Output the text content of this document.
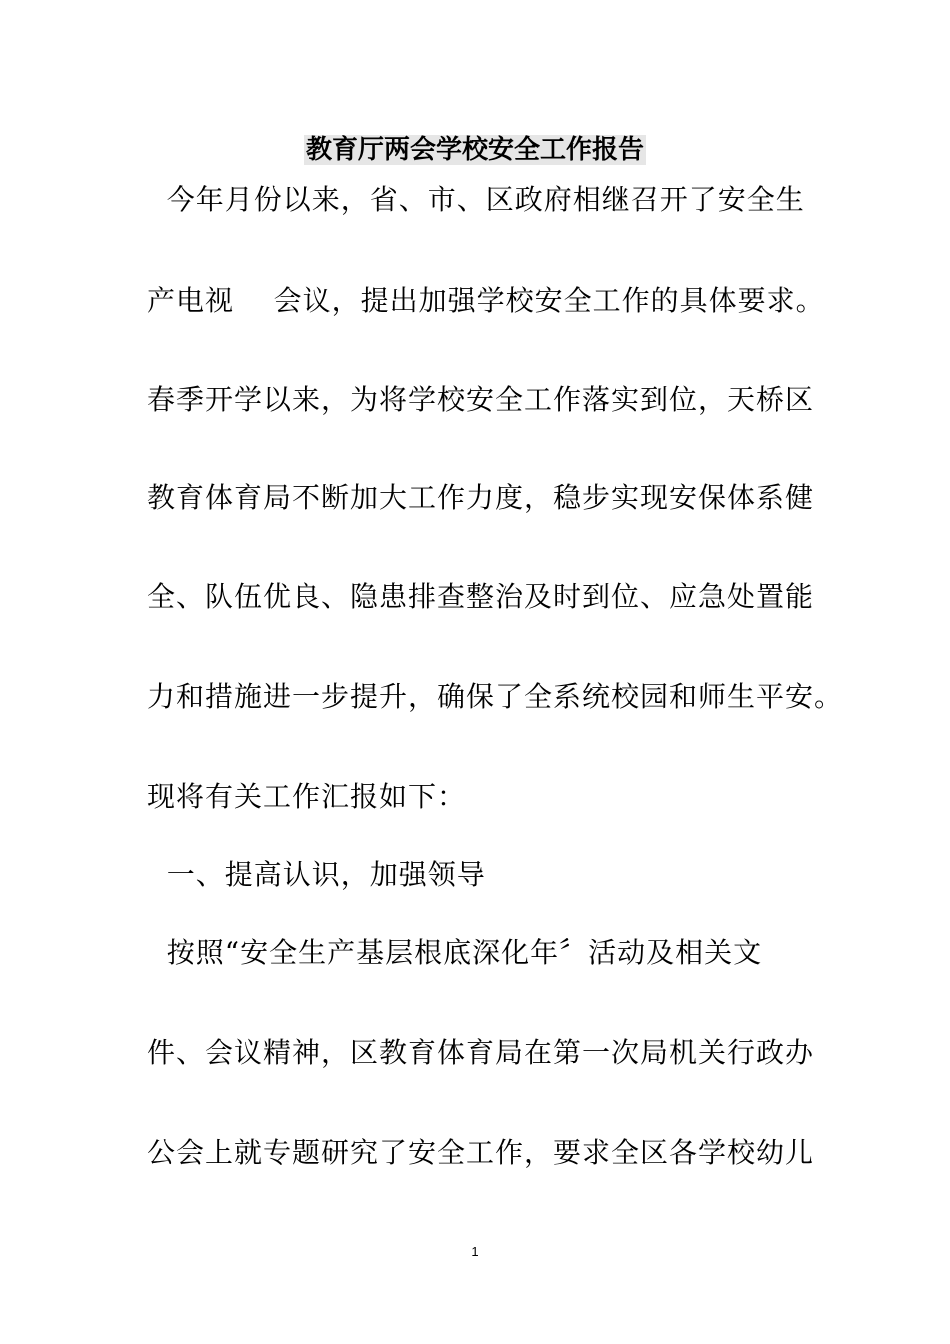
教育厅两会学校安全工作报告
今年月份以来，省、市、区政府相继召开了安全生
产电视    会议，提出加强学校安全工作的具体要求。
春季开学以来，为将学校安全工作落实到位，天桥区
教育体育局不断加大工作力度，稳步实现安保体系健
全、队伍优良、隐患排查整治及时到位、应急处置能
力和措施进一步提升，确保了全系统校园和师生平安。
现将有关工作汇报如下：
一、提高认识，加强领导
按照“安全生产基层根底深化年〞活动及相关文
件、会议精神，区教育体育局在第一次局机关行政办
公会上就专题研究了安全工作，要求全区各学校幼儿
1
